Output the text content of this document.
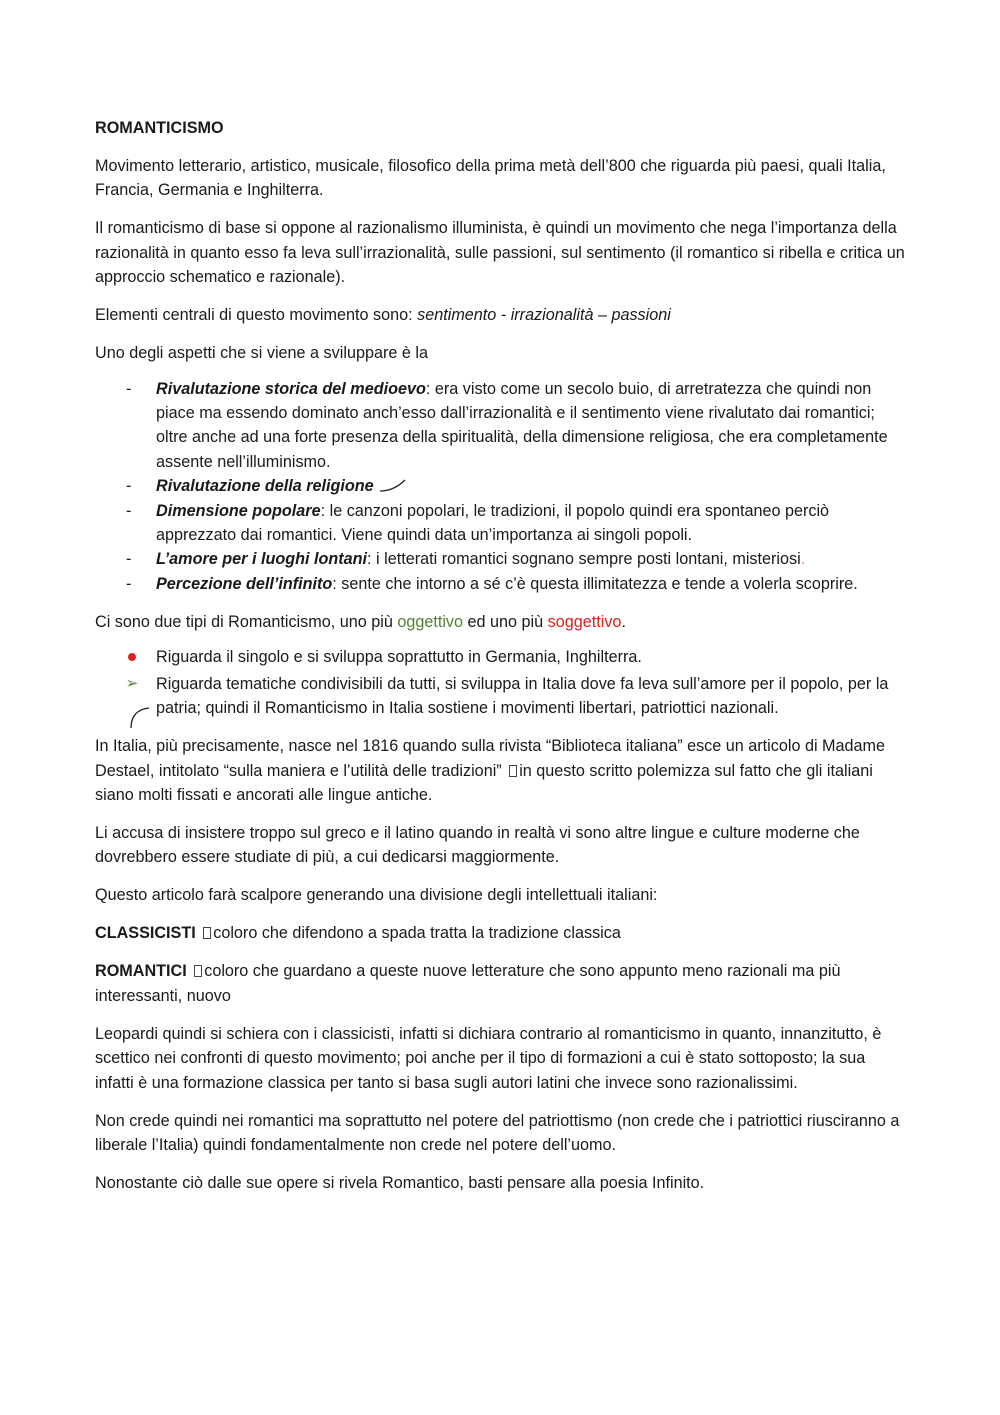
ROMANTICISMO

Movimento letterario, artistico, musicale, filosofico della prima metà dell’800 che riguarda più paesi, quali Italia, Francia, Germania e Inghilterra.

Il romanticismo di base si oppone al razionalismo illuminista, è quindi un movimento che nega l’importanza della razionalità in quanto esso fa leva sull’irrazionalità, sulle passioni, sul sentimento (il romantico si ribella e critica un approccio schematico e razionale).

Elementi centrali di questo movimento sono: sentimento - irrazionalità – passioni

Uno degli aspetti che si viene a sviluppare è la

- Rivalutazione storica del medioevo: era visto come un secolo buio, di arretratezza che quindi non piace ma essendo dominato anch’esso dall’irrazionalità e il sentimento viene rivalutato dai romantici; oltre anche ad una forte presenza della spiritualità, della dimensione religiosa, che era completamente assente nell’illuminismo.
- Rivalutazione della religione
- Dimensione popolare: le canzoni popolari, le tradizioni, il popolo quindi era spontaneo perciò apprezzato dai romantici. Viene quindi data un’importanza ai singoli popoli.
- L’amore per i luoghi lontani: i letterati romantici sognano sempre posti lontani, misteriosi.
- Percezione dell’infinito: sente che intorno a sé c’è questa illimitatezza e tende a volerla scoprire.

Ci sono due tipi di Romanticismo, uno più oggettivo ed uno più soggettivo.

Riguarda il singolo e si sviluppa soprattutto in Germania, Inghilterra.
➢ Riguarda tematiche condivisibili da tutti, si sviluppa in Italia dove fa leva sull’amore per il popolo, per la patria; quindi il Romanticismo in Italia sostiene i movimenti libertari, patriottici nazionali.

In Italia, più precisamente, nasce nel 1816 quando sulla rivista “Biblioteca italiana” esce un articolo di Madame Destael, intitolato “sulla maniera e l’utilità delle tradizioni” in questo scritto polemizza sul fatto che gli italiani siano molti fissati e ancorati alle lingue antiche.

Li accusa di insistere troppo sul greco e il latino quando in realtà vi sono altre lingue e culture moderne che dovrebbero essere studiate di più, a cui dedicarsi maggiormente.

Questo articolo farà scalpore generando una divisione degli intellettuali italiani:

CLASSICISTI coloro che difendono a spada tratta la tradizione classica

ROMANTICI coloro che guardano a queste nuove letterature che sono appunto meno razionali ma più interessanti, nuovo

Leopardi quindi si schiera con i classicisti, infatti si dichiara contrario al romanticismo in quanto, innanzitutto, è scettico nei confronti di questo movimento; poi anche per il tipo di formazioni a cui è stato sottoposto; la sua infatti è una formazione classica per tanto si basa sugli autori latini che invece sono razionalissimi.

Non crede quindi nei romantici ma soprattutto nel potere del patriottismo (non crede che i patriottici riusciranno a liberale l’Italia) quindi fondamentalmente non crede nel potere dell’uomo.

Nonostante ciò dalle sue opere si rivela Romantico, basti pensare alla poesia Infinito.
